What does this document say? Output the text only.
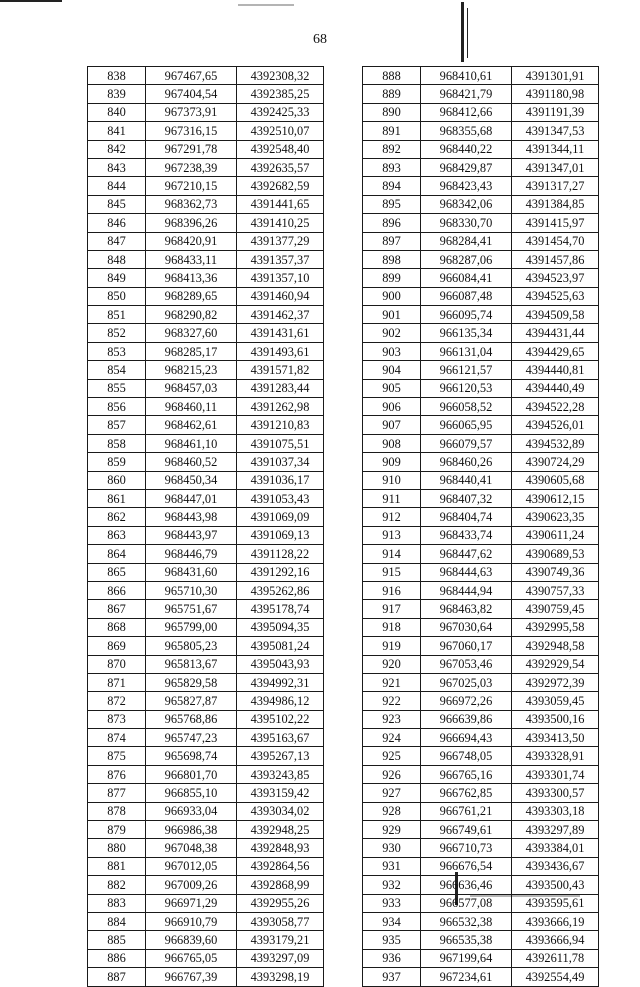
68
838	967467,65	4392308,32
839	967404,54	4392385,25
840	967373,91	4392425,33
841	967316,15	4392510,07
842	967291,78	4392548,40
843	967238,39	4392635,57
844	967210,15	4392682,59
845	968362,73	4391441,65
846	968396,26	4391410,25
847	968420,91	4391377,29
848	968433,11	4391357,37
849	968413,36	4391357,10
850	968289,65	4391460,94
851	968290,82	4391462,37
852	968327,60	4391431,61
853	968285,17	4391493,61
854	968215,23	4391571,82
855	968457,03	4391283,44
856	968460,11	4391262,98
857	968462,61	4391210,83
858	968461,10	4391075,51
859	968460,52	4391037,34
860	968450,34	4391036,17
861	968447,01	4391053,43
862	968443,98	4391069,09
863	968443,97	4391069,13
864	968446,79	4391128,22
865	968431,60	4391292,16
866	965710,30	4395262,86
867	965751,67	4395178,74
868	965799,00	4395094,35
869	965805,23	4395081,24
870	965813,67	4395043,93
871	965829,58	4394992,31
872	965827,87	4394986,12
873	965768,86	4395102,22
874	965747,23	4395163,67
875	965698,74	4395267,13
876	966801,70	4393243,85
877	966855,10	4393159,42
878	966933,04	4393034,02
879	966986,38	4392948,25
880	967048,38	4392848,93
881	967012,05	4392864,56
882	967009,26	4392868,99
883	966971,29	4392955,26
884	966910,79	4393058,77
885	966839,60	4393179,21
886	966765,05	4393297,09
887	966767,39	4393298,19
888	968410,61	4391301,91
889	968421,79	4391180,98
890	968412,66	4391191,39
891	968355,68	4391347,53
892	968440,22	4391344,11
893	968429,87	4391347,01
894	968423,43	4391317,27
895	968342,06	4391384,85
896	968330,70	4391415,97
897	968284,41	4391454,70
898	968287,06	4391457,86
899	966084,41	4394523,97
900	966087,48	4394525,63
901	966095,74	4394509,58
902	966135,34	4394431,44
903	966131,04	4394429,65
904	966121,57	4394440,81
905	966120,53	4394440,49
906	966058,52	4394522,28
907	966065,95	4394526,01
908	966079,57	4394532,89
909	968460,26	4390724,29
910	968440,41	4390605,68
911	968407,32	4390612,15
912	968404,74	4390623,35
913	968433,74	4390611,24
914	968447,62	4390689,53
915	968444,63	4390749,36
916	968444,94	4390757,33
917	968463,82	4390759,45
918	967030,64	4392995,58
919	967060,17	4392948,58
920	967053,46	4392929,54
921	967025,03	4392972,39
922	966972,26	4393059,45
923	966639,86	4393500,16
924	966694,43	4393413,50
925	966748,05	4393328,91
926	966765,16	4393301,74
927	966762,85	4393300,57
928	966761,21	4393303,18
929	966749,61	4393297,89
930	966710,73	4393384,01
931	966676,54	4393436,67
932	966636,46	4393500,43
933	966577,08	4393595,61
934	966532,38	4393666,19
935	966535,38	4393666,94
936	967199,64	4392611,78
937	967234,61	4392554,49
